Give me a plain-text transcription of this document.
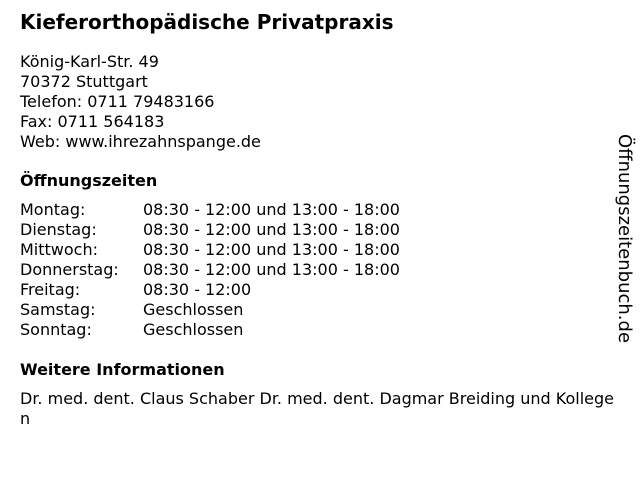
Kieferorthopädische Privatpraxis
König-Karl-Str. 49
70372 Stuttgart
Telefon: 0711 79483166
Fax: 0711 564183
Web: www.ihrezahnspange.de
Öffnungszeiten
Montag:	08:30 - 12:00 und 13:00 - 18:00
Dienstag:	08:30 - 12:00 und 13:00 - 18:00
Mittwoch:	08:30 - 12:00 und 13:00 - 18:00
Donnerstag:	08:30 - 12:00 und 13:00 - 18:00
Freitag:	08:30 - 12:00
Samstag:	Geschlossen
Sonntag:	Geschlossen
Weitere Informationen
Dr. med. dent. Claus Schaber Dr. med. dent. Dagmar Breiding und Kollegen
Öffnungszeitenbuch.de
